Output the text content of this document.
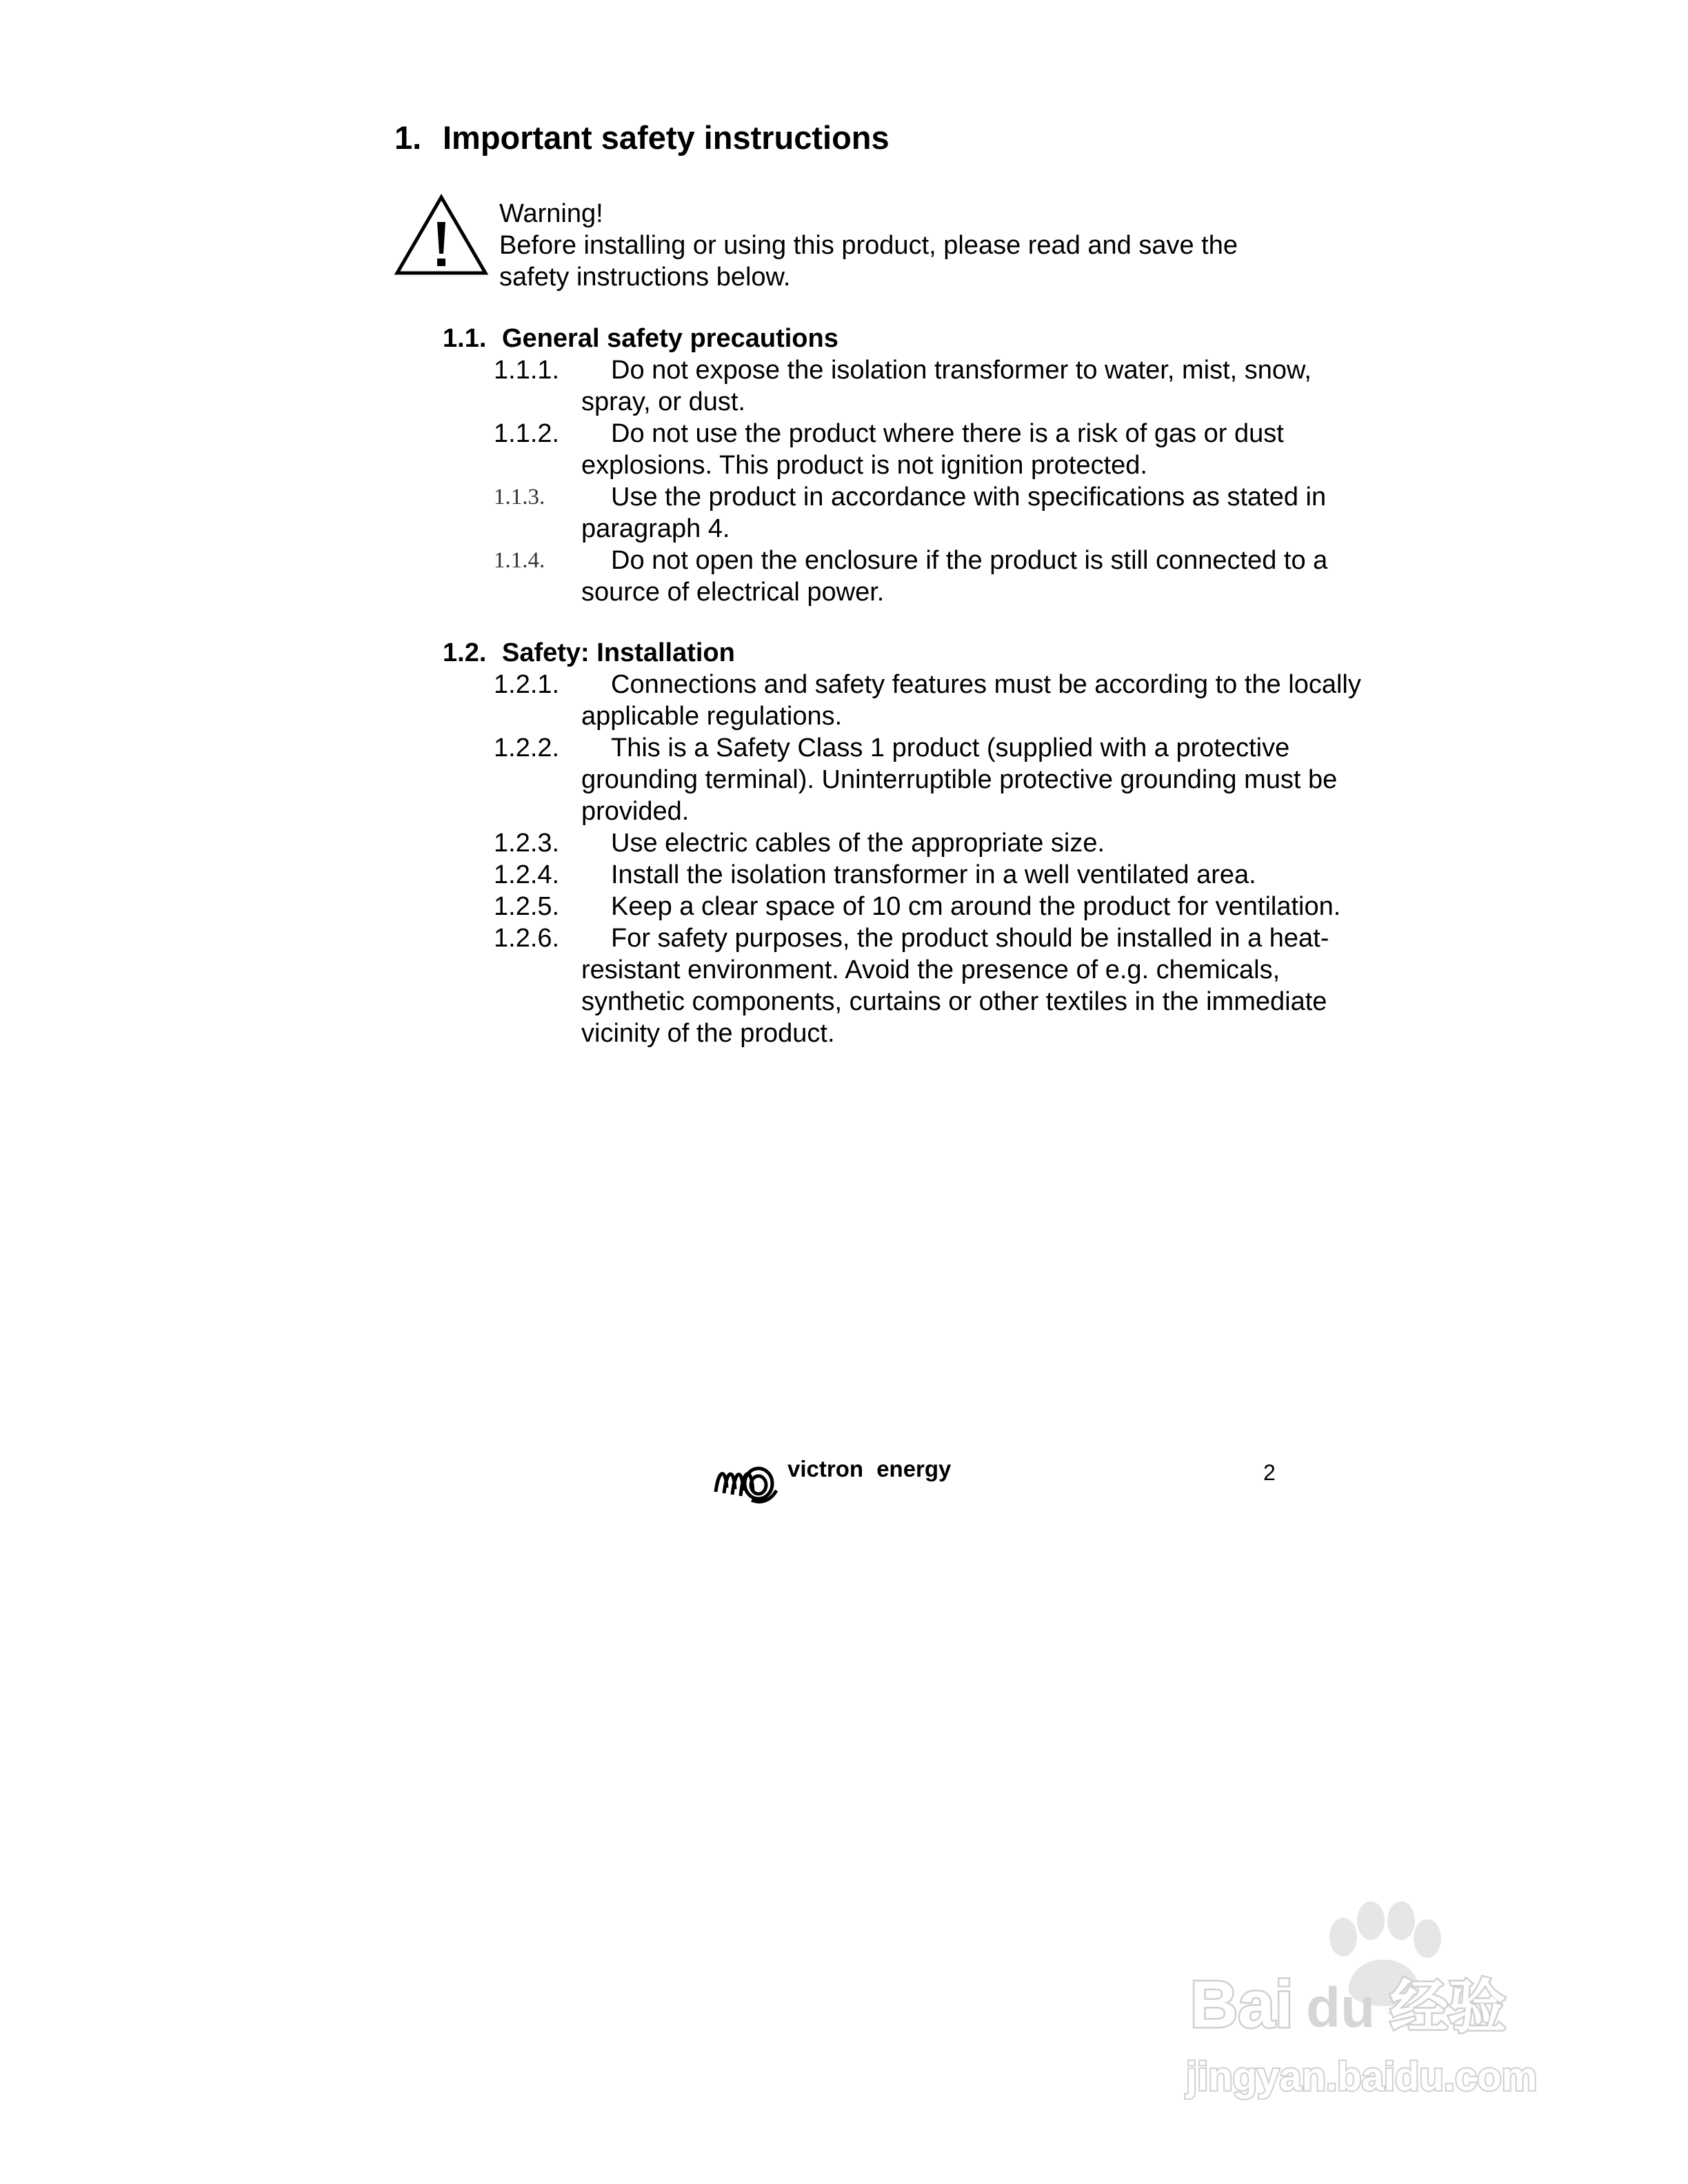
1. Important safety instructions
Warning!
Before installing or using this product, please read and save the safety instructions below.
1.1. General safety precautions
1.1.1.	Do not expose the isolation transformer to water, mist, snow, spray, or dust.
1.1.2.	Do not use the product where there is a risk of gas or dust explosions. This product is not ignition protected.
1.1.3.	Use the product in accordance with specifications as stated in paragraph 4.
1.1.4.	Do not open the enclosure if the product is still connected to a source of electrical power.
1.2. Safety: Installation
1.2.1.	Connections and safety features must be according to the locally applicable regulations.
1.2.2.	This is a Safety Class 1 product (supplied with a protective grounding terminal). Uninterruptible protective grounding must be provided.
1.2.3.	Use electric cables of the appropriate size.
1.2.4.	Install the isolation transformer in a well ventilated area.
1.2.5.	Keep a clear space of 10 cm around the product for ventilation.
1.2.6.	For safety purposes, the product should be installed in a heat-resistant environment. Avoid the presence of e.g. chemicals, synthetic components, curtains or other textiles in the immediate vicinity of the product.
victron energy	2
Bai du 经验
jingyan.baidu.com
